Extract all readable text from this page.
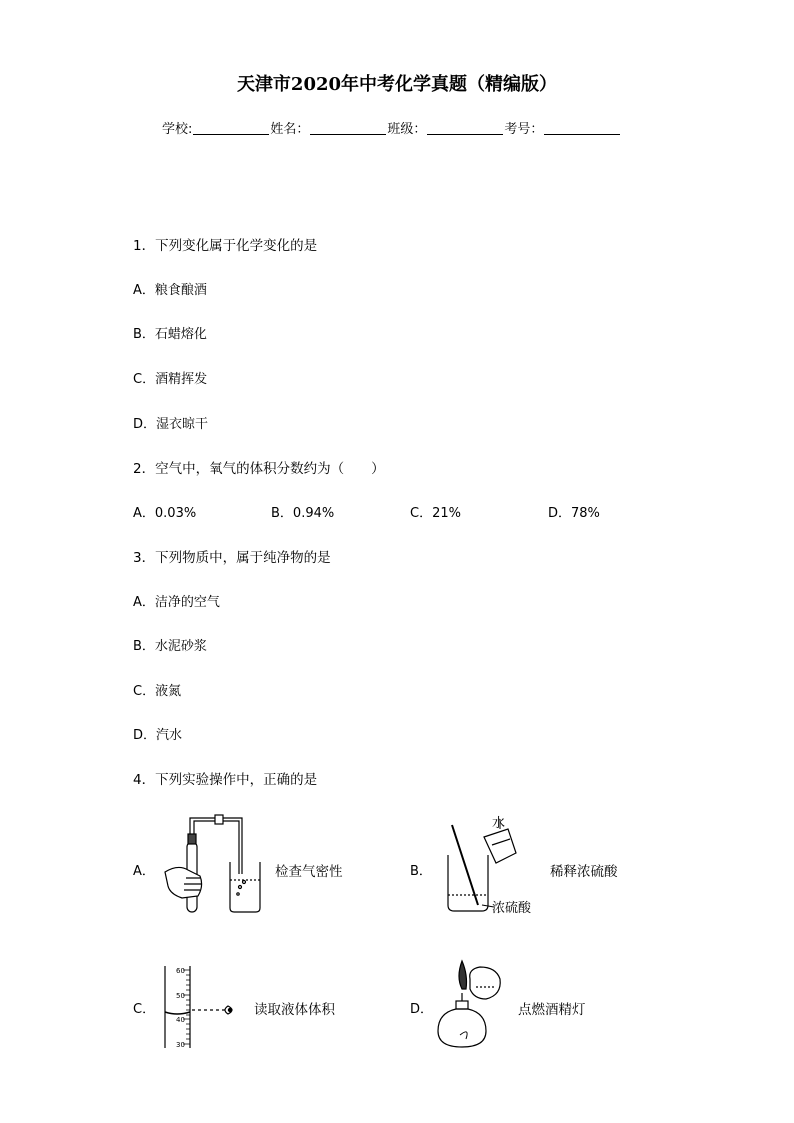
天津市2020年中考化学真题（精编版）
学校:	姓名：	班级：	考号：
1．下列变化属于化学变化的是
A．粮食酿酒
B．石蜡熔化
C．酒精挥发
D．湿衣晾干
2．空气中，氧气的体积分数约为（　　）
A．0.03%	B．0.94%	C．21%	D．78%
3．下列物质中，属于纯净物的是
A．洁净的空气
B．水泥砂浆
C．液氮
D．汽水
4．下列实验操作中，正确的是
A．	检查气密性	B．
水
浓硫酸
稀释浓硫酸
C．
60
50
40
30
读取液体体积	D．	点燃酒精灯
